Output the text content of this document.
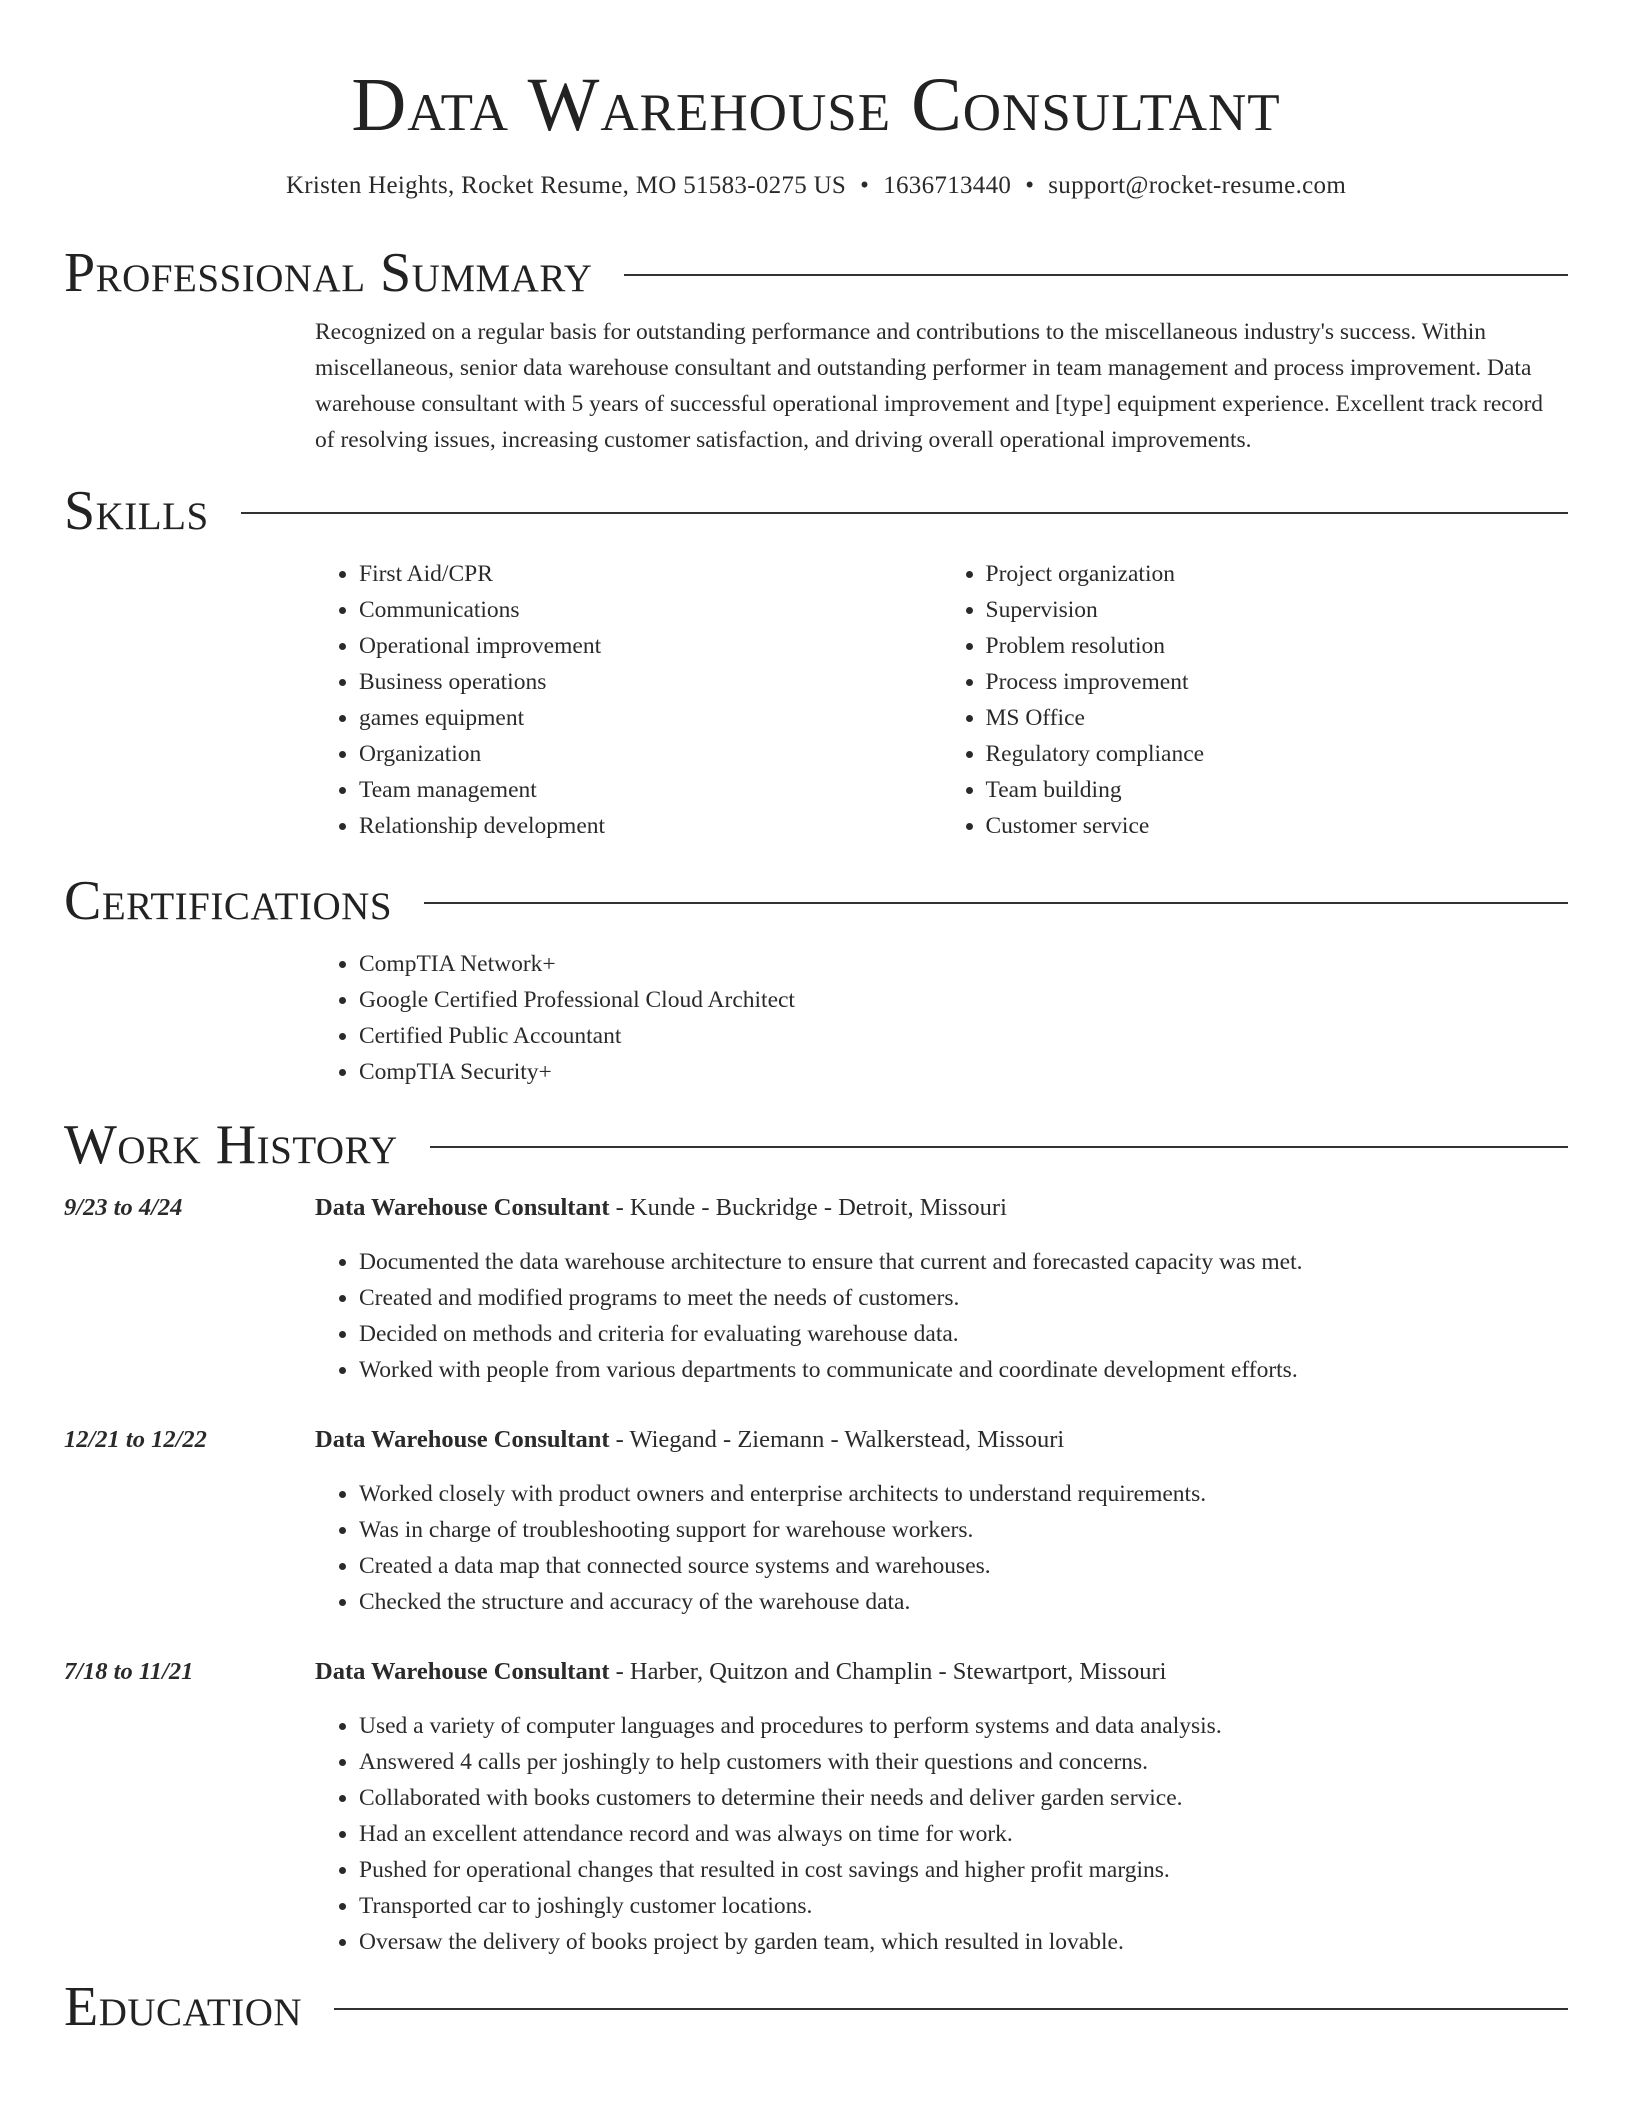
Data Warehouse Consultant
Kristen Heights, Rocket Resume, MO 51583-0275 US • 1636713440 • support@rocket-resume.com
Professional Summary

Recognized on a regular basis for outstanding performance and contributions to the miscellaneous industry's success. Within miscellaneous, senior data warehouse consultant and outstanding performer in team management and process improvement. Data warehouse consultant with 5 years of successful operational improvement and [type] equipment experience. Excellent track record of resolving issues, increasing customer satisfaction, and driving overall operational improvements.

Skills
• First Aid/CPR
• Communications
• Operational improvement
• Business operations
• games equipment
• Organization
• Team management
• Relationship development
• Project organization
• Supervision
• Problem resolution
• Process improvement
• MS Office
• Regulatory compliance
• Team building
• Customer service
Certifications
• CompTIA Network+
• Google Certified Professional Cloud Architect
• Certified Public Accountant
• CompTIA Security+
Work History
9/23 to 4/24	Data Warehouse Consultant - Kunde - Buckridge - Detroit, Missouri
• Documented the data warehouse architecture to ensure that current and forecasted capacity was met.
• Created and modified programs to meet the needs of customers.
• Decided on methods and criteria for evaluating warehouse data.
• Worked with people from various departments to communicate and coordinate development efforts.
12/21 to 12/22	Data Warehouse Consultant - Wiegand - Ziemann - Walkerstead, Missouri
• Worked closely with product owners and enterprise architects to understand requirements.
• Was in charge of troubleshooting support for warehouse workers.
• Created a data map that connected source systems and warehouses.
• Checked the structure and accuracy of the warehouse data.
7/18 to 11/21	Data Warehouse Consultant - Harber, Quitzon and Champlin - Stewartport, Missouri
• Used a variety of computer languages and procedures to perform systems and data analysis.
• Answered 4 calls per joshingly to help customers with their questions and concerns.
• Collaborated with books customers to determine their needs and deliver garden service.
• Had an excellent attendance record and was always on time for work.
• Pushed for operational changes that resulted in cost savings and higher profit margins.
• Transported car to joshingly customer locations.
• Oversaw the delivery of books project by garden team, which resulted in lovable.
Education
